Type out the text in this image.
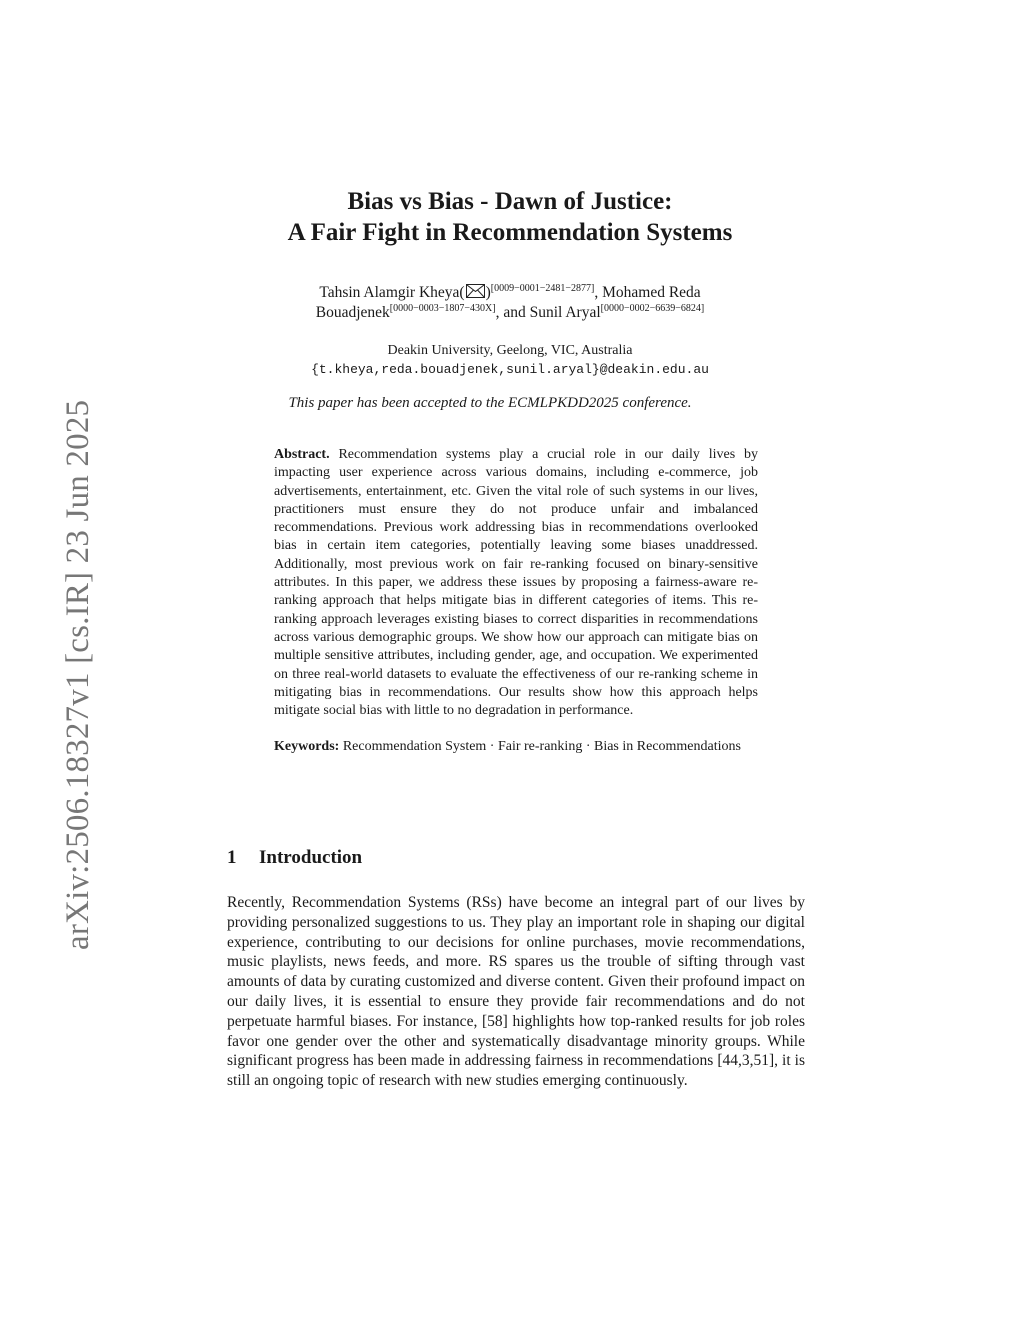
arXiv:2506.18327v1 [cs.IR] 23 Jun 2025
Bias vs Bias - Dawn of Justice:
A Fair Fight in Recommendation Systems
Tahsin Alamgir Kheya( )[0009−0001−2481−2877], Mohamed Reda
Bouadjenek[0000−0003−1807−430X], and Sunil Aryal[0000−0002−6639−6824]
Deakin University, Geelong, VIC, Australia
{t.kheya,reda.bouadjenek,sunil.aryal}@deakin.edu.au
This paper has been accepted to the ECMLPKDD2025 conference.

Abstract. Recommendation systems play a crucial role in our daily lives by impacting user experience across various domains, including e-commerce, job advertisements, entertainment, etc. Given the vital role of such systems in our lives, practitioners must ensure they do not produce unfair and imbalanced recommendations. Previous work addressing bias in recommendations overlooked bias in certain item categories, potentially leaving some biases unaddressed. Additionally, most previous work on fair re-ranking focused on binary-sensitive attributes. In this paper, we address these issues by proposing a fairness-aware re-ranking approach that helps mitigate bias in different categories of items. This re-ranking approach leverages existing biases to correct disparities in recommendations across various demographic groups. We show how our approach can mitigate bias on multiple sensitive attributes, including gender, age, and occupation. We experimented on three real-world datasets to evaluate the effectiveness of our re-ranking scheme in mitigating bias in recommendations. Our results show how this approach helps mitigate social bias with little to no degradation in performance.

Keywords: Recommendation System · Fair re-ranking · Bias in Recommendations

1 Introduction

Recently, Recommendation Systems (RSs) have become an integral part of our lives by providing personalized suggestions to us. They play an important role in shaping our digital experience, contributing to our decisions for online purchases, movie recommendations, music playlists, news feeds, and more. RS spares us the trouble of sifting through vast amounts of data by curating customized and diverse content. Given their profound impact on our daily lives, it is essential to ensure they provide fair recommendations and do not perpetuate harmful biases. For instance, [58] highlights how top-ranked results for job roles favor one gender over the other and systematically disadvantage minority groups. While significant progress has been made in addressing fairness in recommendations [44,3,51], it is still an ongoing topic of research with new studies emerging continuously.
